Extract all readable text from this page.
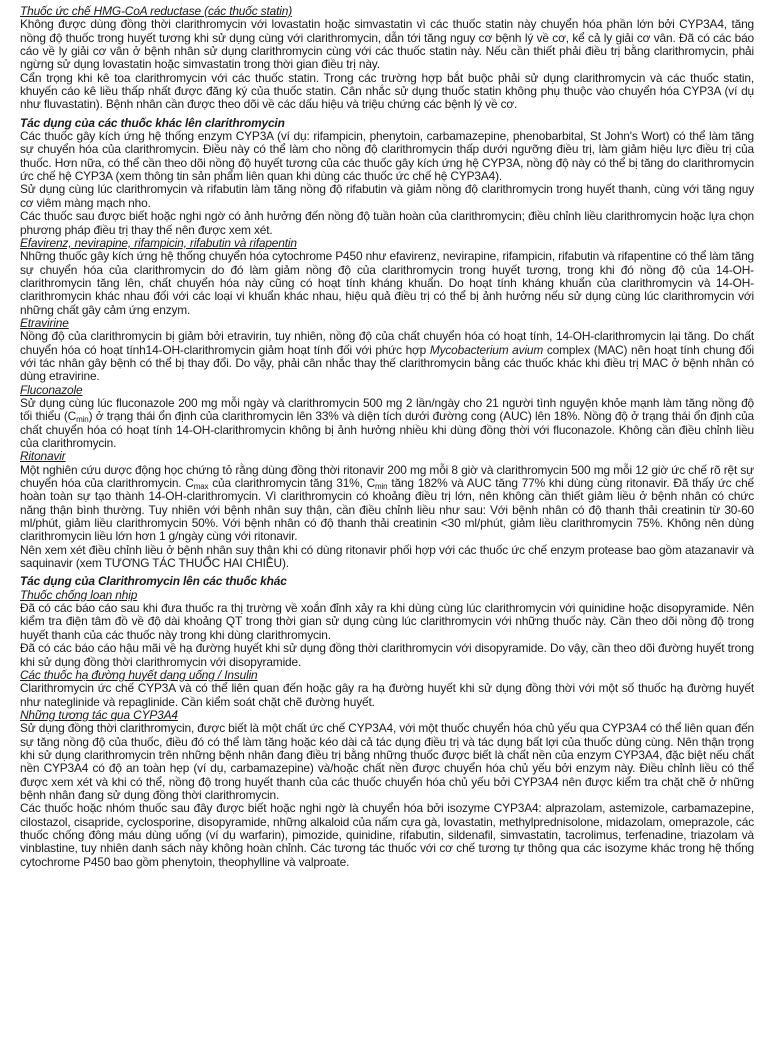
Thuốc ức chế HMG-CoA reductase (các thuốc statin)

Không được dùng đồng thời clarithromycin với lovastatin hoặc simvastatin vì các thuốc statin này chuyển hóa phần lớn bởi CYP3A4, tăng nồng độ thuốc trong huyết tương khi sử dụng cùng với clarithromycin, dẫn tới tăng nguy cơ bệnh lý về cơ, kể cả ly giải cơ vân. Đã có các báo cáo về ly giải cơ vân ở bệnh nhân sử dụng clarithromycin cùng với các thuốc statin này. Nếu cần thiết phải điều trị bằng clarithromycin, phải ngừng sử dụng lovastatin hoặc simvastatin trong thời gian điều trị này.

Cẩn trọng khi kê toa clarithromycin với các thuốc statin. Trong các trường hợp bắt buộc phải sử dụng clarithromycin và các thuốc statin, khuyến cáo kê liều thấp nhất được đăng ký của thuốc statin. Cân nhắc sử dụng thuốc statin không phụ thuộc vào chuyển hóa CYP3A (ví dụ như fluvastatin). Bệnh nhân cần được theo dõi về các dấu hiệu và triệu chứng các bệnh lý về cơ.

Tác dụng của các thuốc khác lên clarithromycin

Các thuốc gây kích ứng hệ thống enzym CYP3A (ví dụ: rifampicin, phenytoin, carbamazepine, phenobarbital, St John's Wort) có thể làm tăng sự chuyển hóa của clarithromycin. Điều này có thể làm cho nồng độ clarithromycin thấp dưới ngưỡng điều trị, làm giảm hiệu lực điều trị của thuốc. Hơn nữa, có thể cần theo dõi nồng độ huyết tương của các thuốc gây kích ứng hệ CYP3A, nồng độ này có thể bị tăng do clarithromycin ức chế hệ CYP3A (xem thông tin sản phẩm liên quan khi dùng các thuốc ức chế hệ CYP3A4).

Sử dụng cùng lúc clarithromycin và rifabutin làm tăng nồng độ rifabutin và giảm nồng độ clarithromycin trong huyết thanh, cùng với tăng nguy cơ viêm màng mạch nho.

Các thuốc sau được biết hoặc nghi ngờ có ảnh hưởng đến nồng độ tuần hoàn của clarithromycin; điều chỉnh liều clarithromycin hoặc lựa chọn phương pháp điều trị thay thế nên được xem xét.

Efavirenz, nevirapine, rifampicin, rifabutin và rifapentin

Những thuốc gây kích ứng hệ thống chuyển hóa cytochrome P450 như efavirenz, nevirapine, rifampicin, rifabutin và rifapentine có thể làm tăng sự chuyển hóa của clarithromycin do đó làm giảm nồng độ của clarithromycin trong huyết tương, trong khi đó nồng độ của 14-OH-clarithromycin tăng lên, chất chuyển hóa này cũng có hoạt tính kháng khuẩn. Do hoạt tính kháng khuẩn của clarithromycin và 14-OH-clarithromycin khác nhau đối với các loại vi khuẩn khác nhau, hiệu quả điều trị có thể bị ảnh hưởng nếu sử dụng cùng lúc clarithromycin với những chất gây cảm ứng enzym.

Etravirine

Nồng độ của clarithromycin bị giảm bởi etravirin, tuy nhiên, nồng độ của chất chuyển hóa có hoạt tính, 14-OH-clarithromycin lại tăng. Do chất chuyển hóa có hoạt tính14-OH-clarithromycin giảm hoạt tính đối với phức hợp Mycobacterium avium complex (MAC) nên hoạt tính chung đối với tác nhân gây bệnh có thể bị thay đổi. Do vậy, phải cân nhắc thay thế clarithromycin bằng các thuốc khác khi điều trị MAC ở bệnh nhân có dùng etravirine.

Fluconazole

Sử dụng cùng lúc fluconazole 200 mg mỗi ngày và clarithromycin 500 mg 2 lần/ngày cho 21 người tình nguyện khỏe mạnh làm tăng nồng độ tối thiểu $(C_{min})$ ở trạng thái ổn định của clarithromycin lên 33% và diện tích dưới đường cong (AUC) lên 18%. Nồng độ ở trạng thái ổn định của chất chuyển hóa có hoạt tính 14-OH-clarithromycin không bị ảnh hưởng nhiều khi dùng đồng thời với fluconazole. Không cần điều chỉnh liều của clarithromycin.

Ritonavir

Một nghiên cứu dược động học chứng tỏ rằng dùng đồng thời ritonavir 200 mg mỗi 8 giờ và clarithromycin 500 mg mỗi 12 giờ ức chế rõ rệt sự chuyển hóa của clarithromycin. $C_{max}$ của clarithromycin tăng 31%, $C_{min}$ tăng 182% và AUC tăng 77% khi dùng cùng ritonavir. Đã thấy ức chế hoàn toàn sự tạo thành 14-OH-clarithromycin. Vì clarithromycin có khoảng điều trị lớn, nên không cần thiết giảm liều ở bệnh nhân có chức năng thận bình thường. Tuy nhiên với bệnh nhân suy thận, cần điều chỉnh liều như sau: Với bệnh nhân có độ thanh thải creatinin từ 30-60 ml/phút, giảm liều clarithromycin 50%. Với bệnh nhân có độ thanh thải creatinin <30 ml/phút, giảm liều clarithromycin 75%. Không nên dùng clarithromycin liều lớn hơn 1 g/ngày cùng với ritonavir.

Nên xem xét điều chỉnh liều ở bệnh nhân suy thận khi có dùng ritonavir phối hợp với các thuốc ức chế enzym protease bao gồm atazanavir và saquinavir (xem TƯƠNG TÁC THUỐC HAI CHIỀU).

Tác dụng của Clarithromycin lên các thuốc khác

Thuốc chống loạn nhịp

Đã có các báo cáo sau khi đưa thuốc ra thị trường về xoắn đỉnh xảy ra khi dùng cùng lúc clarithromycin với quinidine hoặc disopyramide. Nên kiểm tra điện tâm đồ về độ dài khoảng QT trong thời gian sử dụng cùng lúc clarithromycin với những thuốc này. Cần theo dõi nồng độ trong huyết thanh của các thuốc này trong khi dùng clarithromycin.

Đã có các báo cáo hậu mãi về hạ đường huyết khi sử dụng đồng thời clarithromycin với disopyramide. Do vậy, cần theo dõi đường huyết trong khi sử dụng đồng thời clarithromycin với disopyramide.

Các thuốc hạ đường huyết dạng uống / Insulin

Clarithromycin ức chế CYP3A và có thể liên quan đến hoặc gây ra hạ đường huyết khi sử dụng đồng thời với một số thuốc hạ đường huyết như nateglinide và repaglinide. Cần kiểm soát chặt chẽ đường huyết.

Những tương tác qua CYP3A4

Sử dụng đồng thời clarithromycin, được biết là một chất ức chế CYP3A4, với một thuốc chuyển hóa chủ yếu qua CYP3A4 có thể liên quan đến sự tăng nồng độ của thuốc, điều đó có thể làm tăng hoặc kéo dài cả tác dụng điều trị và tác dụng bất lợi của thuốc dùng cùng. Nên thận trọng khi sử dụng clarithromycin trên những bệnh nhân đang điều trị bằng những thuốc được biết là chất nền của enzym CYP3A4, đặc biệt nếu chất nền CYP3A4 có độ an toàn hẹp (ví dụ, carbamazepine) và/hoặc chất nền được chuyển hóa chủ yếu bởi enzym này. Điều chỉnh liều có thể được xem xét và khi có thể, nồng độ trong huyết thanh của các thuốc chuyển hóa chủ yếu bởi CYP3A4 nên được kiểm tra chặt chẽ ở những bệnh nhân đang sử dụng đồng thời clarithromycin.

Các thuốc hoặc nhóm thuốc sau đây được biết hoặc nghi ngờ là chuyển hóa bởi isozyme CYP3A4: alprazolam, astemizole, carbamazepine, cilostazol, cisapride, cyclosporine, disopyramide, những alkaloid của nấm cựa gà, lovastatin, methylprednisolone, midazolam, omeprazole, các thuốc chống đông máu dùng uống (ví dụ warfarin), pimozide, quinidine, rifabutin, sildenafil, simvastatin, tacrolimus, terfenadine, triazolam và vinblastine, tuy nhiên danh sách này không hoàn chỉnh. Các tương tác thuốc với cơ chế tương tự thông qua các isozyme khác trong hệ thống cytochrome P450 bao gồm phenytoin, theophylline và valproate.
